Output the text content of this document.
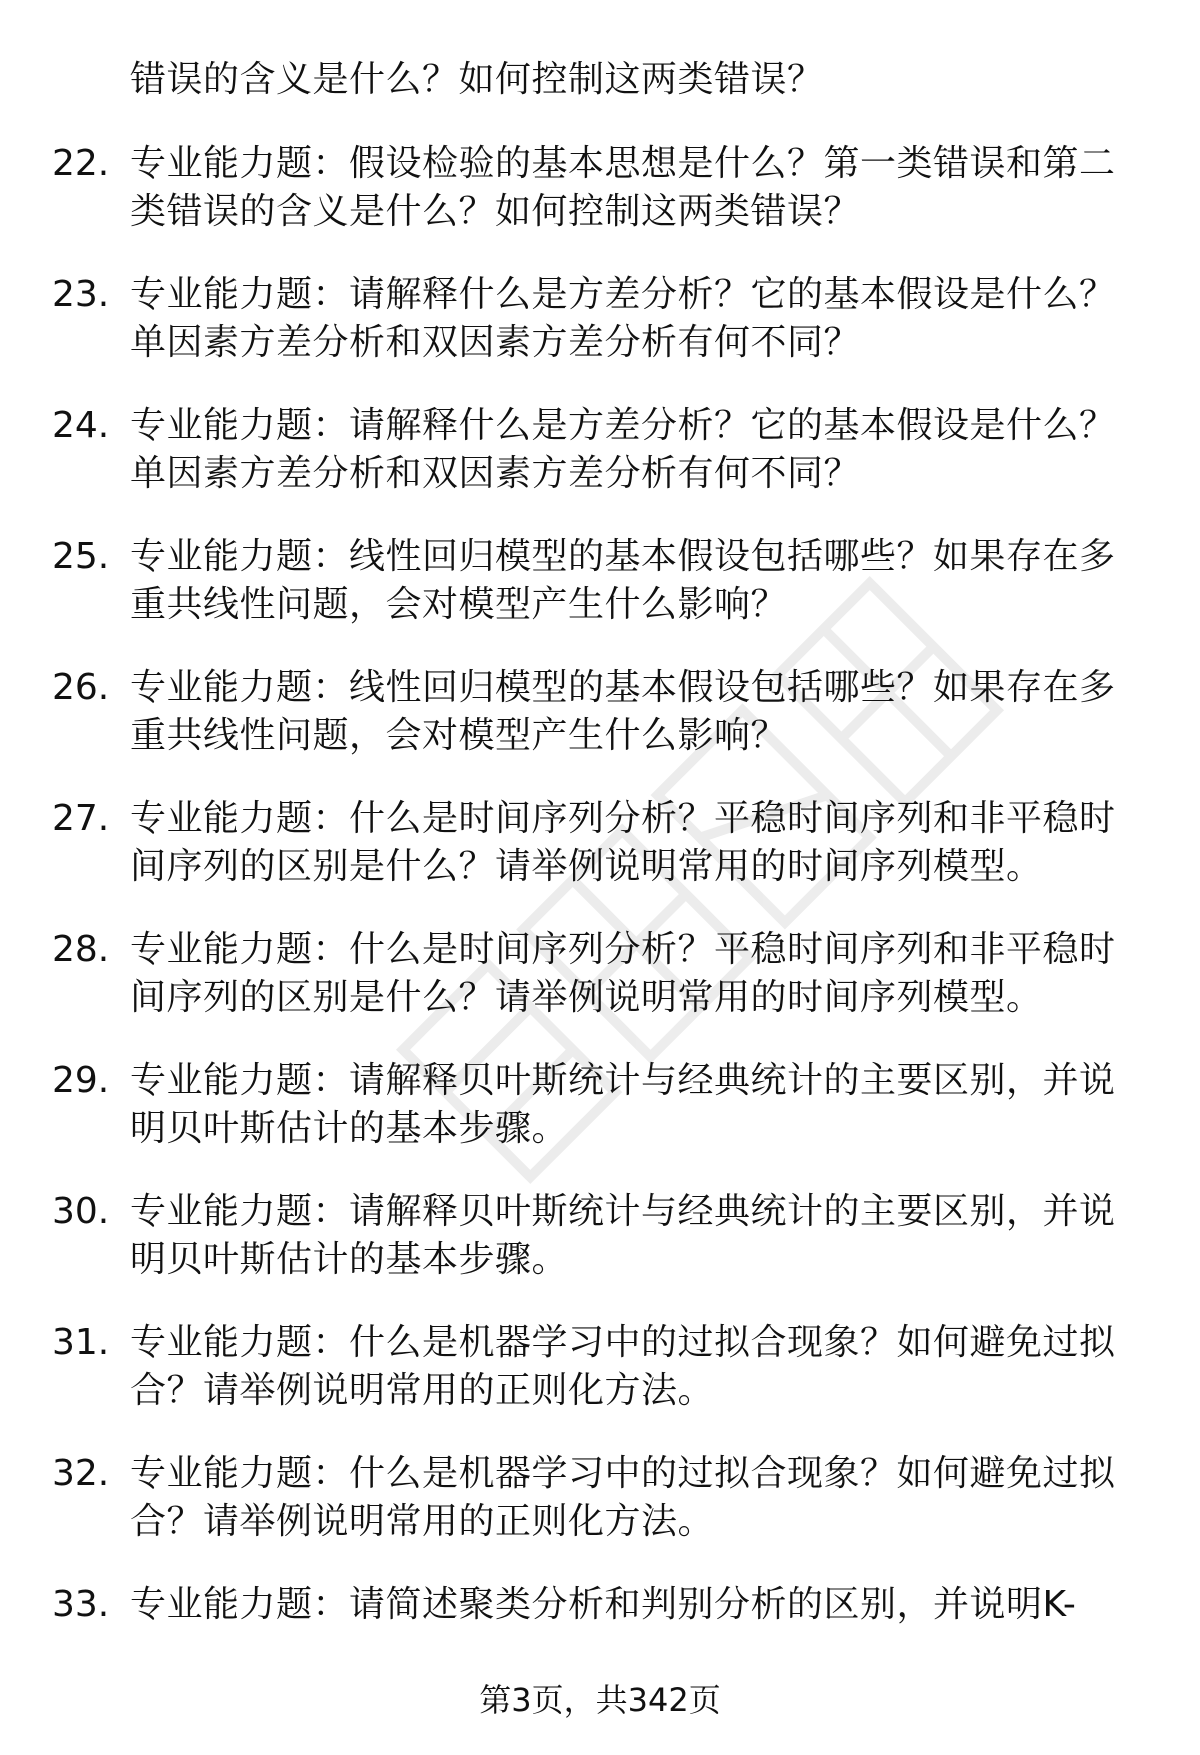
错误的含义是什么？如何控制这两类错误？
22. 专业能力题：假设检验的基本思想是什么？第一类错误和第二类错误的含义是什么？如何控制这两类错误？
23. 专业能力题：请解释什么是方差分析？它的基本假设是什么？单因素方差分析和双因素方差分析有何不同？
24. 专业能力题：请解释什么是方差分析？它的基本假设是什么？单因素方差分析和双因素方差分析有何不同？
25. 专业能力题：线性回归模型的基本假设包括哪些？如果存在多重共线性问题，会对模型产生什么影响？
26. 专业能力题：线性回归模型的基本假设包括哪些？如果存在多重共线性问题，会对模型产生什么影响？
27. 专业能力题：什么是时间序列分析？平稳时间序列和非平稳时间序列的区别是什么？请举例说明常用的时间序列模型。
28. 专业能力题：什么是时间序列分析？平稳时间序列和非平稳时间序列的区别是什么？请举例说明常用的时间序列模型。
29. 专业能力题：请解释贝叶斯统计与经典统计的主要区别，并说明贝叶斯估计的基本步骤。
30. 专业能力题：请解释贝叶斯统计与经典统计的主要区别，并说明贝叶斯估计的基本步骤。
31. 专业能力题：什么是机器学习中的过拟合现象？如何避免过拟合？请举例说明常用的正则化方法。
32. 专业能力题：什么是机器学习中的过拟合现象？如何避免过拟合？请举例说明常用的正则化方法。
33. 专业能力题：请简述聚类分析和判别分析的区别，并说明K-
第3页，共342页
